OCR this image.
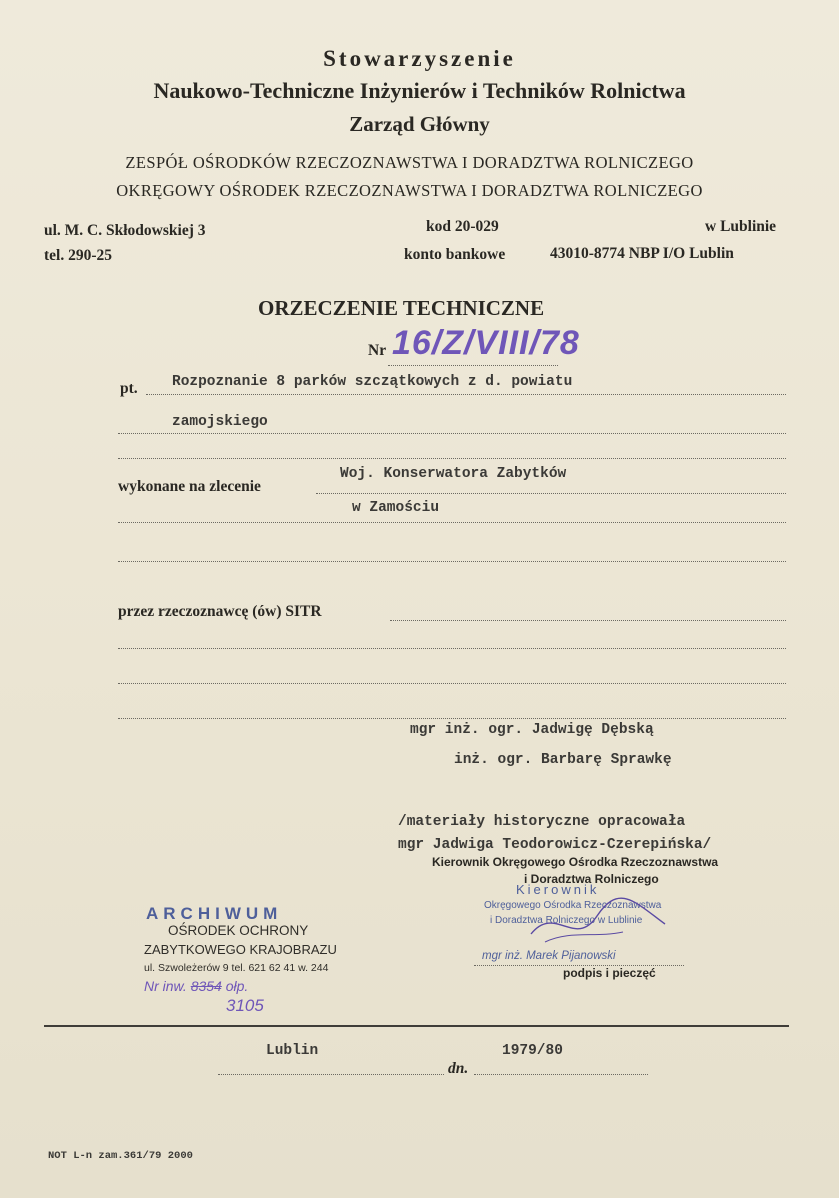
Stowarzyszenie
Naukowo-Techniczne Inżynierów i Techników Rolnictwa
Zarząd Główny
ZESPÓŁ OŚRODKÓW RZECZOZNAWSTWA I DORADZTWA ROLNICZEGO
OKRĘGOWY OŚRODEK RZECZOZNAWSTWA I DORADZTWA ROLNICZEGO
ul. M. C. Skłodowskiej 3
tel. 290-25
kod 20-029
konto bankowe	43010-8774 NBP I/O Lublin
w Lublinie
ORZECZENIE TECHNICZNE
Nr 16/Z/VIII/78
pt. Rozpoznanie 8 parków szczątkowych z d. powiatu
zamojskiego
wykonane na zlecenie
Woj. Konserwatora Zabytków
w Zamościu
przez rzeczoznawcę (ów) SITR
mgr inż. ogr. Jadwigę Dębską
inż. ogr. Barbarę Sprawkę
/materiały historyczne opracowała
mgr Jadwiga Teodorowicz-Czerepińska/
Kierownik Okręgowego Ośrodka Rzeczoznawstwa
i Doradztwa Rolniczego
Kierownik
Okręgowego Ośrodka Rzeczoznawstwa
i Doradztwa Rolniczego w Lublinie
mgr inż. Marek Pijanowski
podpis i pieczęć
ARCHIWUM
OŚRODEK OCHRONY
ZABYTKOWEGO KRAJOBRAZU
ul. Szwoleżerów 9 tel. 621 62 41 w. 244
Nr inw. 8354 ołp.
3105
Lublin
dn.
1979/80
NOT L-n zam.361/79 2000
